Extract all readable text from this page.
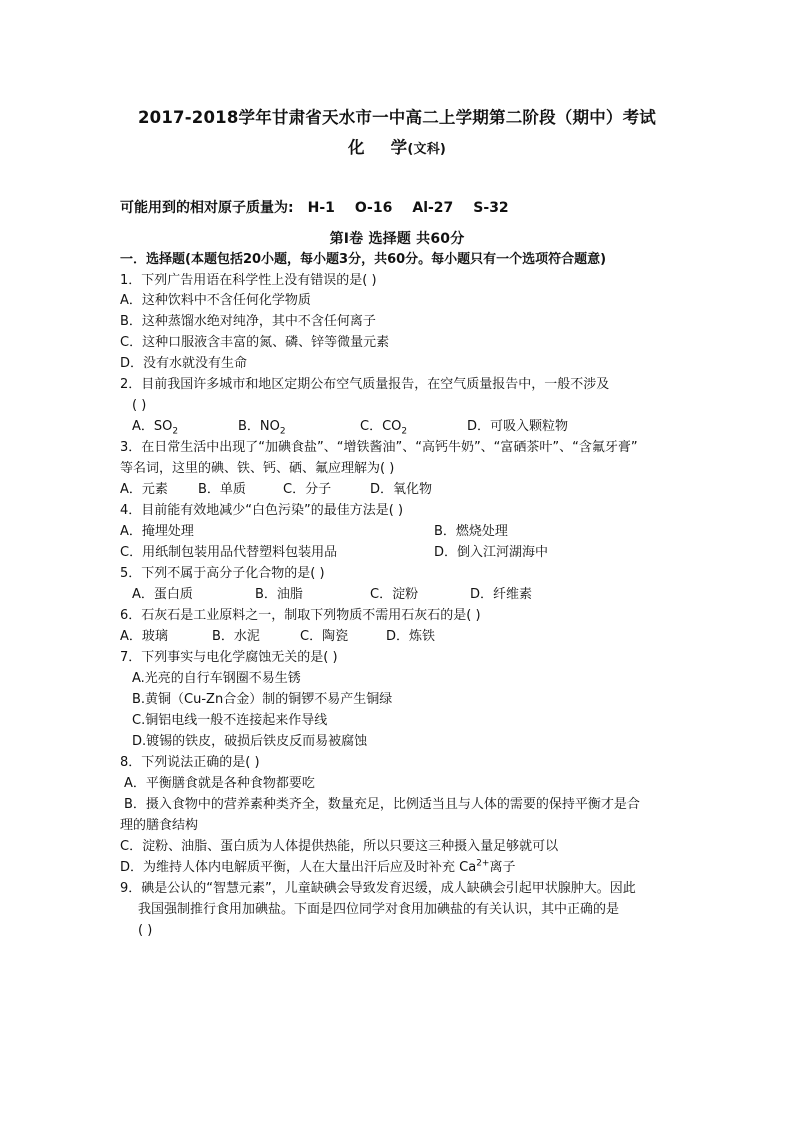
2017-2018学年甘肃省天水市一中高二上学期第二阶段（期中）考试
化 学(文科)
可能用到的相对原子质量为: H-1 O-16 Al-27 S-32
第Ⅰ卷 选择题 共60分
一．选择题(本题包括20小题，每小题3分，共60分。每小题只有一个选项符合题意)
1．下列广告用语在科学性上没有错误的是( )
A．这种饮料中不含任何化学物质
B．这种蒸馏水绝对纯净，其中不含任何离子
C．这种口服液含丰富的氮、磷、锌等微量元素
D．没有水就没有生命
2．目前我国许多城市和地区定期公布空气质量报告，在空气质量报告中，一般不涉及
( )
A．$SO_2$	B．$NO_2$	C．$CO_2$	D．可吸入颗粒物
3．在日常生活中出现了“加碘食盐”、“增铁酱油”、“高钙牛奶”、“富硒茶叶”、“含氟牙膏”
等名词，这里的碘、铁、钙、硒、氟应理解为( )
A．元素 B．单质	C．分子	D．氧化物
4．目前能有效地减少“白色污染”的最佳方法是( )
A．掩埋处理	B．燃烧处理
C．用纸制包装用品代替塑料包装用品	D．倒入江河湖海中
5．下列不属于高分子化合物的是( )
A．蛋白质	B．油脂	C．淀粉	D．纤维素
6．石灰石是工业原料之一，制取下列物质不需用石灰石的是( )
A．玻璃	B．水泥	C．陶瓷	D．炼铁
7．下列事实与电化学腐蚀无关的是( )
A.光亮的自行车钢圈不易生锈
B.黄铜（Cu-Zn合金）制的铜锣不易产生铜绿
C.铜铝电线一般不连接起来作导线
D.镀锡的铁皮，破损后铁皮反而易被腐蚀
8．下列说法正确的是( )
A．平衡膳食就是各种食物都要吃
B．摄入食物中的营养素种类齐全，数量充足，比例适当且与人体的需要的保持平衡才是合
理的膳食结构
C．淀粉、油脂、蛋白质为人体提供热能，所以只要这三种摄入量足够就可以
D．为维持人体内电解质平衡，人在大量出汗后应及时补充 $Ca^{2+}$离子
9．碘是公认的“智慧元素”，儿童缺碘会导致发育迟缓，成人缺碘会引起甲状腺肿大。因此
我国强制推行食用加碘盐。下面是四位同学对食用加碘盐的有关认识，其中正确的是
( )
